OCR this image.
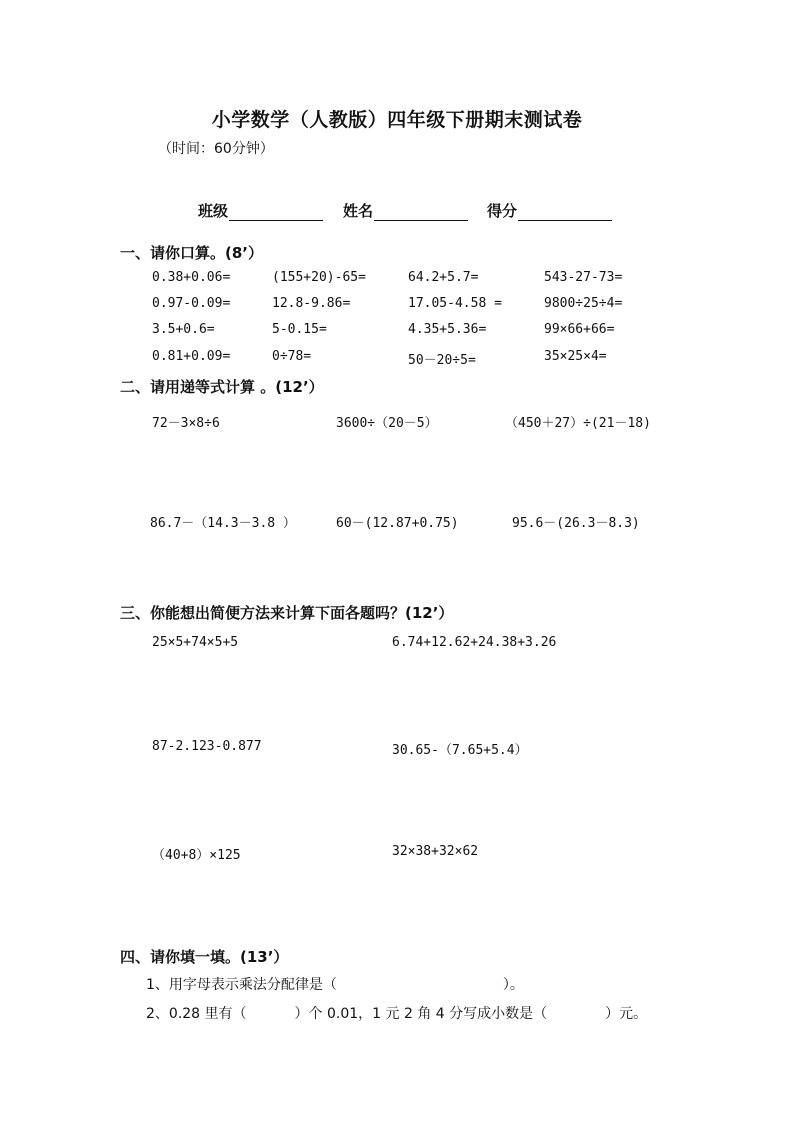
小学数学（人教版）四年级下册期末测试卷
（时间：60分钟）
班级	姓名	得分
一、请你口算。(8’）
0.38+0.06=	(155+20)-65=	64.2+5.7=	543-27-73=
0.97-0.09=	12.8-9.86=	17.05-4.58 =	9800÷25÷4=
3.5+0.6=	5-0.15=	4.35+5.36=	99×66+66=
0.81+0.09=	0÷78=	50－20÷5=	35×25×4=
二、请用递等式计算 。(12’）
72－3×8÷6	3600÷（20－5）	（450＋27）÷(21－18)
86.7－（14.3－3.8 ）	60－(12.87+0.75)	95.6－(26.3－8.3)
三、你能想出简便方法来计算下面各题吗？(12’）
25×5+74×5+5	6.74+12.62+24.38+3.26
87-2.123-0.877	30.65-（7.65+5.4）
（40+8）×125	32×38+32×62
四、请你填一填。(13’）
1、用字母表示乘法分配律是（	）。
2、0.28 里有（	）个 0.01，1 元 2 角 4 分写成小数是（	）元。
